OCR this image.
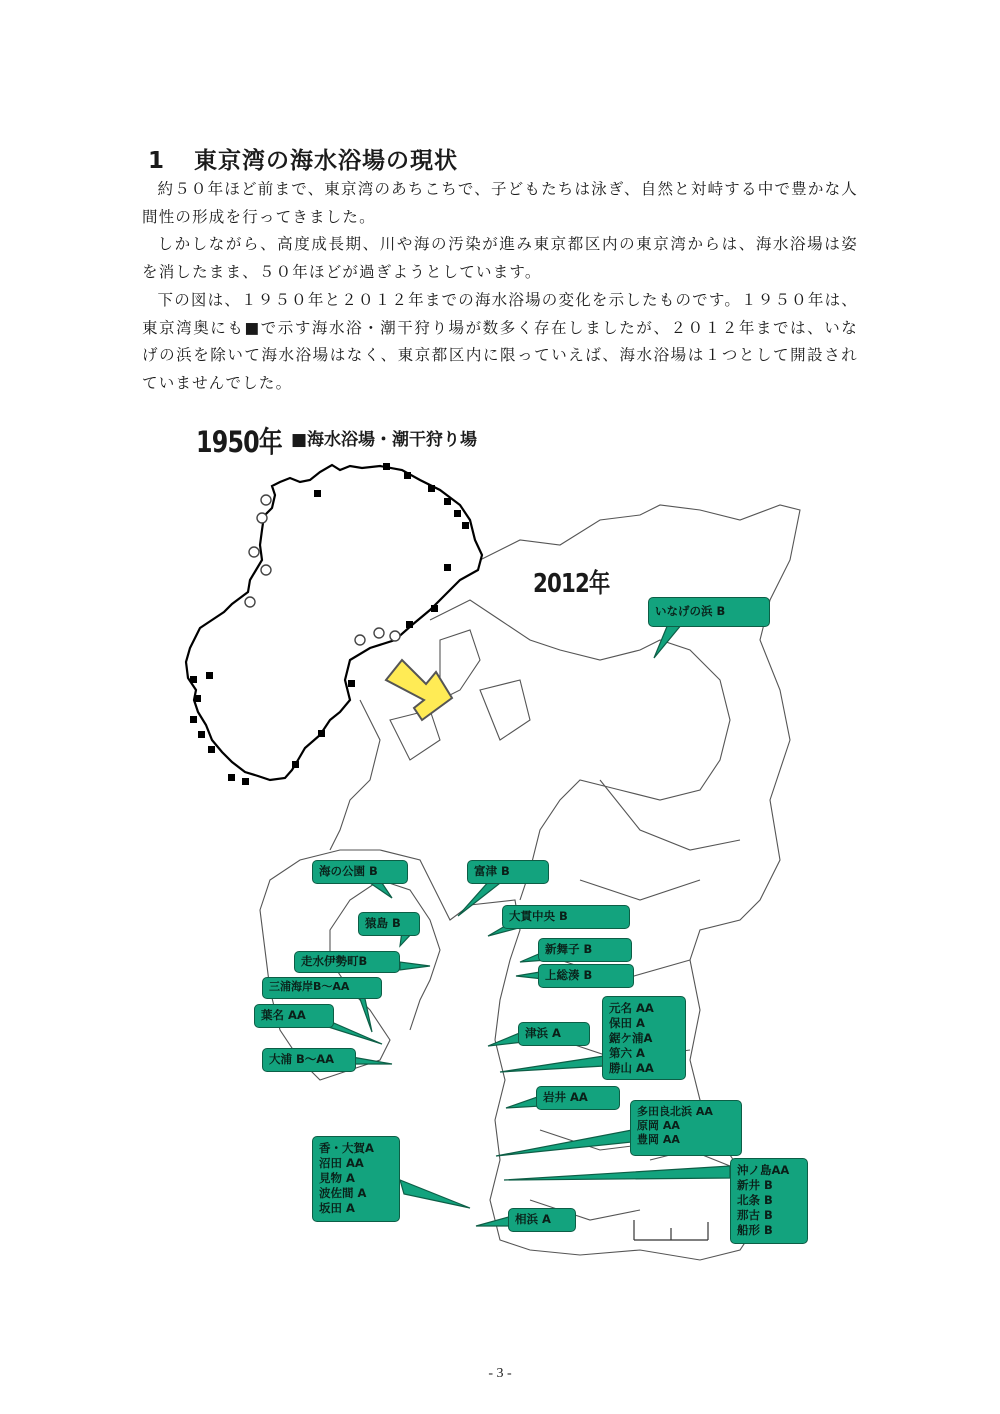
1 東京湾の海水浴場の現状
約５０年ほど前まで、東京湾のあちこちで、子どもたちは泳ぎ、自然と対峙する中で豊かな人間性の形成を行ってきました。
しかしながら、高度成長期、川や海の汚染が進み東京都区内の東京湾からは、海水浴場は姿を消したまま、５０年ほどが過ぎようとしています。
下の図は、１９５０年と２０１２年までの海水浴場の変化を示したものです。１９５０年は、東京湾奥にも■で示す海水浴・潮干狩り場が数多く存在しましたが、２０１２年までは、いなげの浜を除いて海水浴場はなく、東京都区内に限っていえば、海水浴場は１つとして開設されていませんでした。
1950年 ■海水浴場・潮干狩り場
2012年
いなげの浜 B
海の公園 B	富津 B
猿島 B	大貫中央 B
新舞子 B
走水伊勢町B
上総湊 B
三浦海岸B～AA
元名 AA
保田 A
鋸ケ浦A
第六 A
勝山 AA
葉名 AA
津浜 A
大浦 B～AA
岩井 AA
多田良北浜 AA
原岡 AA
豊岡 AA
香・大賀A
沼田 AA
見物 A
波佐間 A
坂田 A
沖ノ島AA
新井 B
北条 B
那古 B
船形 B
相浜 A
- 3 -
